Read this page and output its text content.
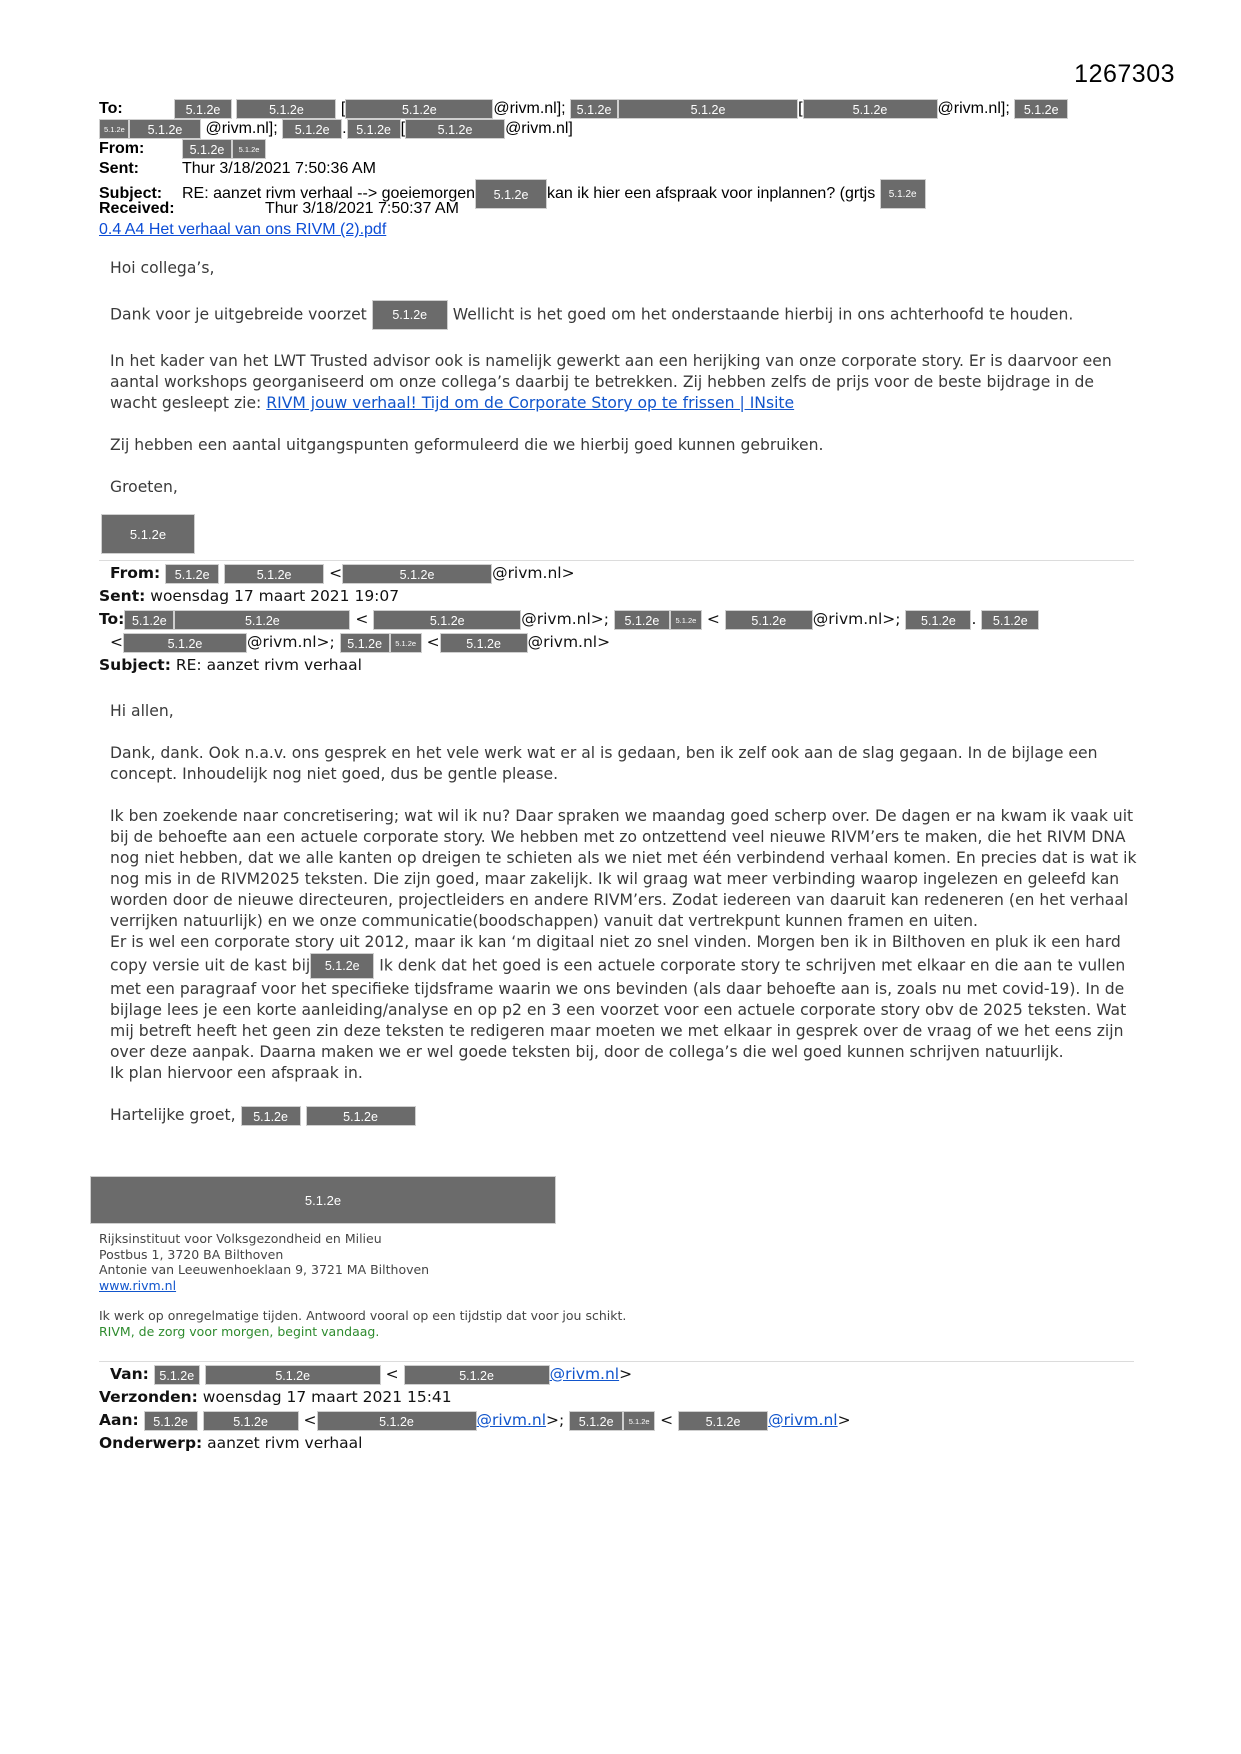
1267303
To:	5.1.2e	5.1.2e [	5.1.2e	@rivm.nl]; 5.1.2e	5.1.2e	[	5.1.2e	@rivm.nl]; 5.1.2e
5.1.2e 5.1.2e @rivm.nl]; 5.1.2e . 5.1.2e [	5.1.2e @rivm.nl]
From:	5.1.2e 5.1.2e
Sent:	Thur 3/18/2021 7:50:36 AM
Subject: RE: aanzet rivm verhaal --> goeiemorgen 5.1.2e kan ik hier een afspraak voor inplannen? (grtjs 5.1.2e
Received:	Thur 3/18/2021 7:50:37 AM
0.4 A4 Het verhaal van ons RIVM (2).pdf

Hoi collega’s,

Dank voor je uitgebreide voorzet 5.1.2e Wellicht is het goed om het onderstaande hierbij in ons achterhoofd te houden.

In het kader van het LWT Trusted advisor ook is namelijk gewerkt aan een herijking van onze corporate story. Er is daarvoor een aantal workshops georganiseerd om onze collega’s daarbij te betrekken. Zij hebben zelfs de prijs voor de beste bijdrage in de wacht gesleept zie: RIVM jouw verhaal! Tijd om de Corporate Story op te frissen | INsite

Zij hebben een aantal uitgangspunten geformuleerd die we hierbij goed kunnen gebruiken.

Groeten,

5.1.2e
From: 5.1.2e	5.1.2e <	5.1.2e	@rivm.nl>
Sent: woensdag 17 maart 2021 19:07
To: 5.1.2e	5.1.2e	<	5.1.2e	@rivm.nl>; 5.1.2e 5.1.2e <	5.1.2e @rivm.nl>; 5.1.2e . 5.1.2e
<	5.1.2e	@rivm.nl>; 5.1.2e 5.1.2e < 5.1.2e @rivm.nl>
Subject: RE: aanzet rivm verhaal

Hi allen,

Dank, dank. Ook n.a.v. ons gesprek en het vele werk wat er al is gedaan, ben ik zelf ook aan de slag gegaan. In de bijlage een concept. Inhoudelijk nog niet goed, dus be gentle please.

Ik ben zoekende naar concretisering; wat wil ik nu? Daar spraken we maandag goed scherp over. De dagen er na kwam ik vaak uit bij de behoefte aan een actuele corporate story. We hebben met zo ontzettend veel nieuwe RIVM’ers te maken, die het RIVM DNA nog niet hebben, dat we alle kanten op dreigen te schieten als we niet met één verbindend verhaal komen. En precies dat is wat ik nog mis in de RIVM2025 teksten. Die zijn goed, maar zakelijk. Ik wil graag wat meer verbinding waarop ingelezen en geleefd kan worden door de nieuwe directeuren, projectleiders en andere RIVM’ers. Zodat iedereen van daaruit kan redeneren (en het verhaal verrijken natuurlijk) en we onze communicatie(boodschappen) vanuit dat vertrekpunt kunnen framen en uiten.
Er is wel een corporate story uit 2012, maar ik kan ‘m digitaal niet zo snel vinden. Morgen ben ik in Bilthoven en pluk ik een hard copy versie uit de kast bij 5.1.2e Ik denk dat het goed is een actuele corporate story te schrijven met elkaar en die aan te vullen met een paragraaf voor het specifieke tijdsframe waarin we ons bevinden (als daar behoefte aan is, zoals nu met covid-19). In de bijlage lees je een korte aanleiding/analyse en op p2 en 3 een voorzet voor een actuele corporate story obv de 2025 teksten. Wat mij betreft heeft het geen zin deze teksten te redigeren maar moeten we met elkaar in gesprek over de vraag of we het eens zijn over deze aanpak. Daarna maken we er wel goede teksten bij, door de collega’s die wel goed kunnen schrijven natuurlijk.
Ik plan hiervoor een afspraak in.

Hartelijke groet, 5.1.2e	5.1.2e

5.1.2e
Rijksinstituut voor Volksgezondheid en Milieu
Postbus 1, 3720 BA Bilthoven
Antonie van Leeuwenhoeklaan 9, 3721 MA Bilthoven
www.rivm.nl
Ik werk op onregelmatige tijden. Antwoord vooral op een tijdstip dat voor jou schikt.
RIVM, de zorg voor morgen, begint vandaag.
Van: 5.1.2e	5.1.2e	<	5.1.2e	@rivm.nl>
Verzonden: woensdag 17 maart 2021 15:41
Aan: 5.1.2e	5.1.2e <	5.1.2e	@rivm.nl>; 5.1.2e 5.1.2e <	5.1.2e @rivm.nl>
Onderwerp: aanzet rivm verhaal
